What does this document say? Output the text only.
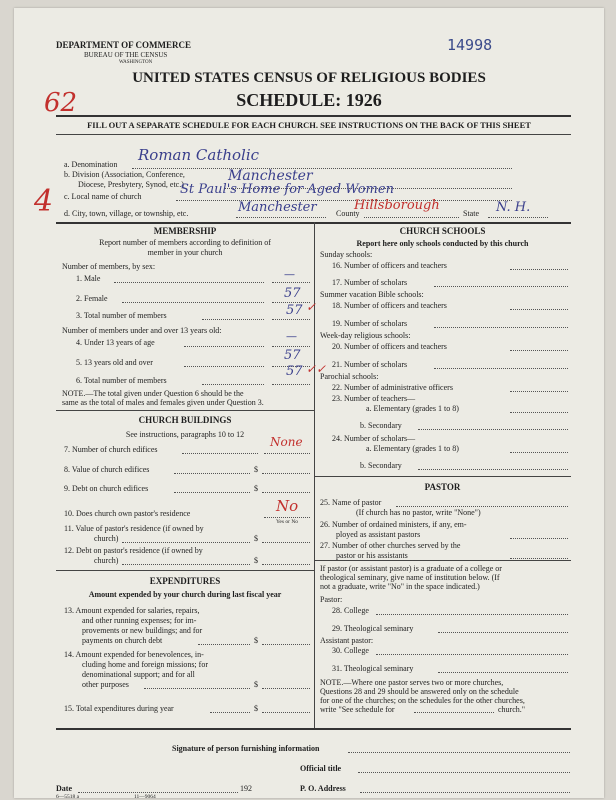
DEPARTMENT OF COMMERCE
BUREAU OF THE CENSUS
WASHINGTON
14998
UNITED STATES CENSUS OF RELIGIOUS BODIES
SCHEDULE: 1926
62
FILL OUT A SEPARATE SCHEDULE FOR EACH CHURCH. SEE INSTRUCTIONS ON THE BACK OF THIS SHEET
a. Denomination
Roman Catholic
b. Division (Association, Conference,
Diocese, Presbytery, Synod, etc.)
Manchester
c. Local name of church	St Paul's Home for Aged Women
d. City, town, village, or township, etc.	Manchester County
Hillsborough
State N. H.
4
MEMBERSHIP
Report number of members according to definition of
member in your church
Number of members, by sex:
1. Male	—
2. Female	57
3. Total number of members	57 ✓
Number of members under and over 13 years old:
4. Under 13 years of age	—
5. 13 years old and over	57
6. Total number of members
57 ✓✓
NOTE.—The total given under Question 6 should be the
same as the total of males and females given under Question 3.
CHURCH BUILDINGS
See instructions, paragraphs 10 to 12
7. Number of church edifices
None
8. Value of church edifices	$
9. Debt on church edifices	$
10. Does church own pastor's residence	No
Yes or No
11. Value of pastor's residence (if owned by
church)	$
12. Debt on pastor's residence (if owned by
church)	$
EXPENDITURES
Amount expended by your church during last fiscal year
13. Amount expended for salaries, repairs,
and other running expenses; for im-
provements or new buildings; and for
payments on church debt	$
14. Amount expended for benevolences, in-
cluding home and foreign missions; for
denominational support; and for all
other purposes	$
15. Total expenditures during year	$
CHURCH SCHOOLS
Report here only schools conducted by this church
Sunday schools:
16. Number of officers and teachers
17. Number of scholars
Summer vacation Bible schools:
18. Number of officers and teachers
19. Number of scholars
Week-day religious schools:
20. Number of officers and teachers
21. Number of scholars
Parochial schools:
22. Number of administrative officers
23. Number of teachers—
a. Elementary (grades 1 to 8)
b. Secondary
24. Number of scholars—
a. Elementary (grades 1 to 8)
b. Secondary
PASTOR
25. Name of pastor
(If church has no pastor, write "None")
26. Number of ordained ministers, if any, em-
ployed as assistant pastors
27. Number of other churches served by the
pastor or his assistants
If pastor (or assistant pastor) is a graduate of a college or
theological seminary, give name of institution below. (If
not a graduate, write "No" in the space indicated.)
Pastor:
28. College
29. Theological seminary
Assistant pastor:
30. College
31. Theological seminary
NOTE.—Where one pastor serves two or more churches,
Questions 28 and 29 should be answered only on the schedule
for one of the churches; on the schedules for the other churches,
write "See schedule for	church."
Signature of person furnishing information
Official title
Date	192	P. O. Address
6—5518 a	11—9064
